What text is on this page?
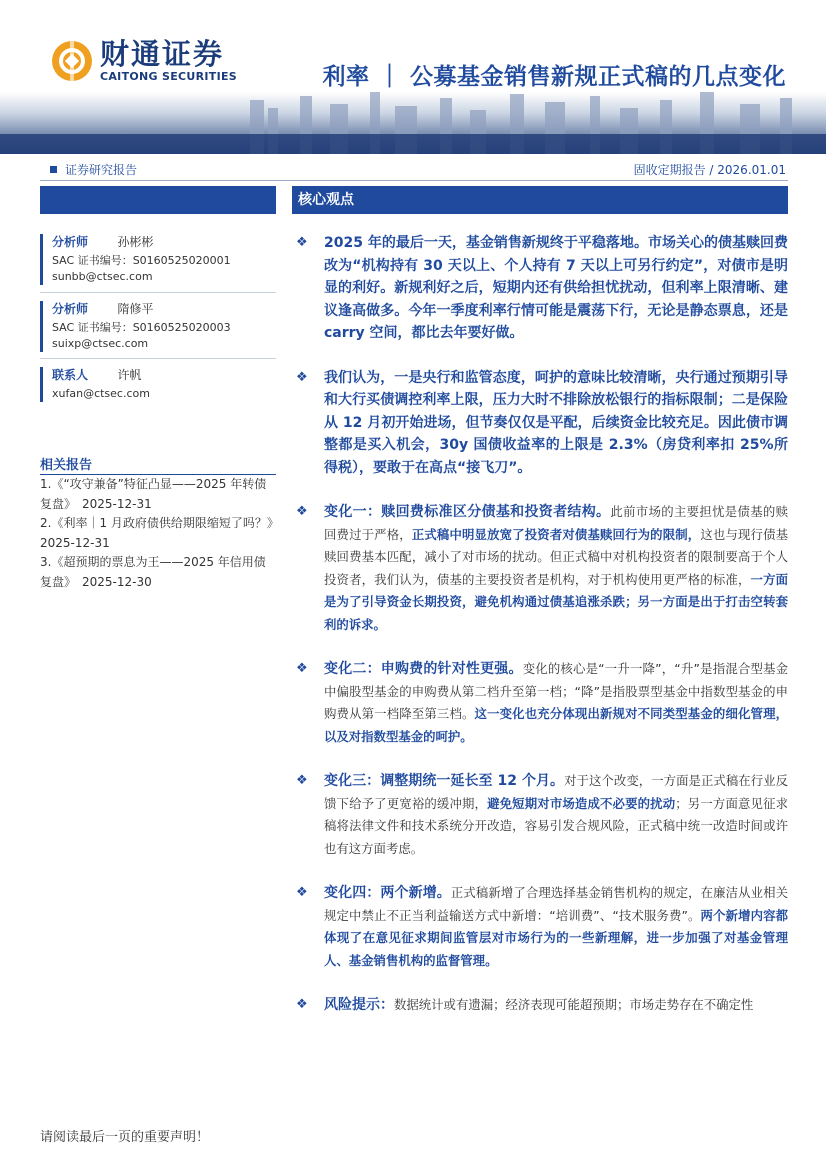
财通证券
CAITONG SECURITIES	利率 ｜ 公募基金销售新规正式稿的几点变化
证券研究报告	固收定期报告 / 2026.01.01
分析师 孙彬彬
SAC 证书编号：S0160525020001
sunbb@ctsec.com
分析师 隋修平
SAC 证书编号：S0160525020003
suixp@ctsec.com
联系人 许帆
xufan@ctsec.com
相关报告
1.《“攻守兼备”特征凸显——2025 年转债复盘》　2025-12-31
2.《利率｜1 月政府债供给期限缩短了吗？》　2025-12-31
3.《超预期的票息为王——2025 年信用债复盘》　2025-12-30
核心观点
❖ 2025 年的最后一天，基金销售新规终于平稳落地。市场关心的债基赎回费改为“机构持有 30 天以上、个人持有 7 天以上可另行约定”，对债市是明显的利好。新规利好之后，短期内还有供给担忧扰动，但利率上限清晰、建议逢高做多。今年一季度利率行情可能是震荡下行，无论是静态票息，还是 carry 空间，都比去年要好做。

❖ 我们认为，一是央行和监管态度，呵护的意味比较清晰，央行通过预期引导和大行买债调控利率上限，压力大时不排除放松银行的指标限制；二是保险从 12 月初开始进场，但节奏仅仅是平配，后续资金比较充足。因此债市调整都是买入机会，30y 国债收益率的上限是 2.3%（房贷利率扣 25%所得税），要敢于在高点“接飞刀”。

❖ 变化一：赎回费标准区分债基和投资者结构。此前市场的主要担忧是债基的赎回费过于严格，正式稿中明显放宽了投资者对债基赎回行为的限制，这也与现行债基赎回费基本匹配，减小了对市场的扰动。但正式稿中对机构投资者的限制要高于个人投资者，我们认为，债基的主要投资者是机构，对于机构使用更严格的标准，一方面是为了引导资金长期投资，避免机构通过债基追涨杀跌；另一方面是出于打击空转套利的诉求。

❖ 变化二：申购费的针对性更强。变化的核心是“一升一降”，“升”是指混合型基金中偏股型基金的申购费从第二档升至第一档；“降”是指股票型基金中指数型基金的申购费从第一档降至第三档。这一变化也充分体现出新规对不同类型基金的细化管理，以及对指数型基金的呵护。

❖ 变化三：调整期统一延长至 12 个月。对于这个改变，一方面是正式稿在行业反馈下给予了更宽裕的缓冲期，避免短期对市场造成不必要的扰动；另一方面意见征求稿将法律文件和技术系统分开改造，容易引发合规风险，正式稿中统一改造时间或许也有这方面考虑。

❖ 变化四：两个新增。正式稿新增了合理选择基金销售机构的规定，在廉洁从业相关规定中禁止不正当利益输送方式中新增：“培训费”、“技术服务费”。两个新增内容都体现了在意见征求期间监管层对市场行为的一些新理解，进一步加强了对基金管理人、基金销售机构的监督管理。

❖ 风险提示：数据统计或有遗漏；经济表现可能超预期；市场走势存在不确定性

请阅读最后一页的重要声明！
